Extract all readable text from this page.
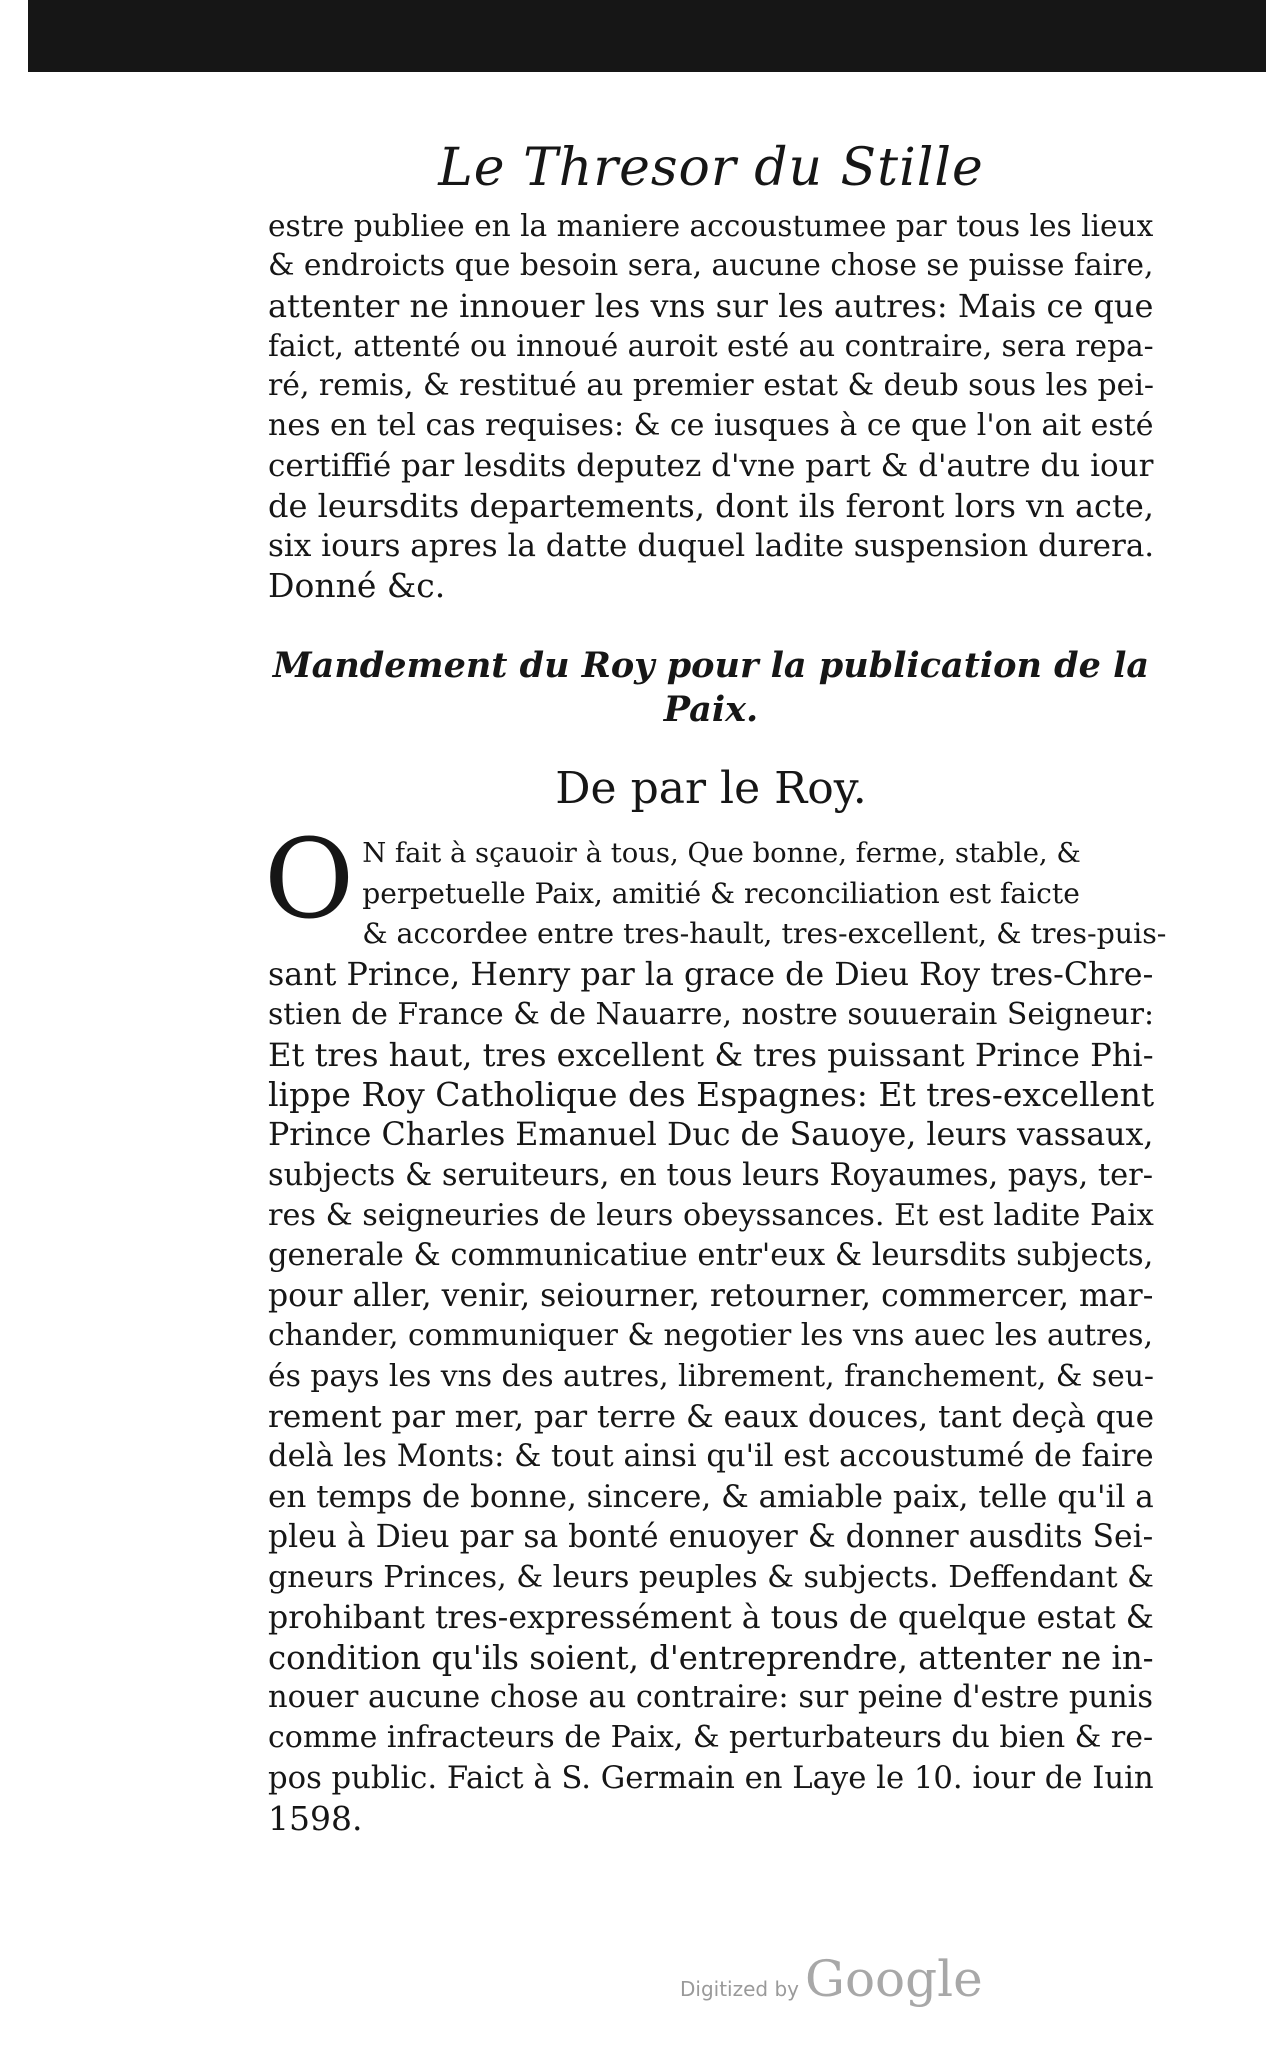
Le Thresor du Stille
estre publiee en la maniere accoustumee par tous les lieux
& endroicts que besoin sera, aucune chose se puisse faire,
attenter ne innouer les vns sur les autres: Mais ce que
faict, attenté ou innoué auroit esté au contraire, sera repa-
ré, remis, & restitué au premier estat & deub sous les pei-
nes en tel cas requises: & ce iusques à ce que l'on ait esté
certiffié par lesdits deputez d'vne part & d'autre du iour
de leursdits departements, dont ils feront lors vn acte,
six iours apres la datte duquel ladite suspension durera.
Donné &c.
Mandement du Roy pour la publication de la Paix.
De par le Roy.
O N fait à sçauoir à tous, Que bonne, ferme, stable, &
perpetuelle Paix, amitié & reconciliation est faicte
& accordee entre tres-hault, tres-excellent, & tres-puis-
sant Prince, Henry par la grace de Dieu Roy tres-Chre-
stien de France & de Nauarre, nostre souuerain Seigneur:
Et tres haut, tres excellent & tres puissant Prince Phi-
lippe Roy Catholique des Espagnes: Et tres-excellent
Prince Charles Emanuel Duc de Sauoye, leurs vassaux,
subjects & seruiteurs, en tous leurs Royaumes, pays, ter-
res & seigneuries de leurs obeyssances. Et est ladite Paix
generale & communicatiue entr'eux & leursdits subjects,
pour aller, venir, seiourner, retourner, commercer, mar-
chander, communiquer & negotier les vns auec les autres,
és pays les vns des autres, librement, franchement, & seu-
rement par mer, par terre & eaux douces, tant deçà que
delà les Monts: & tout ainsi qu'il est accoustumé de faire
en temps de bonne, sincere, & amiable paix, telle qu'il a
pleu à Dieu par sa bonté enuoyer & donner ausdits Sei-
gneurs Princes, & leurs peuples & subjects. Deffendant &
prohibant tres-expressément à tous de quelque estat &
condition qu'ils soient, d'entreprendre, attenter ne in-
nouer aucune chose au contraire: sur peine d'estre punis
comme infracteurs de Paix, & perturbateurs du bien & re-
pos public. Faict à S. Germain en Laye le 10. iour de Iuin
1598.
Digitized by Google
